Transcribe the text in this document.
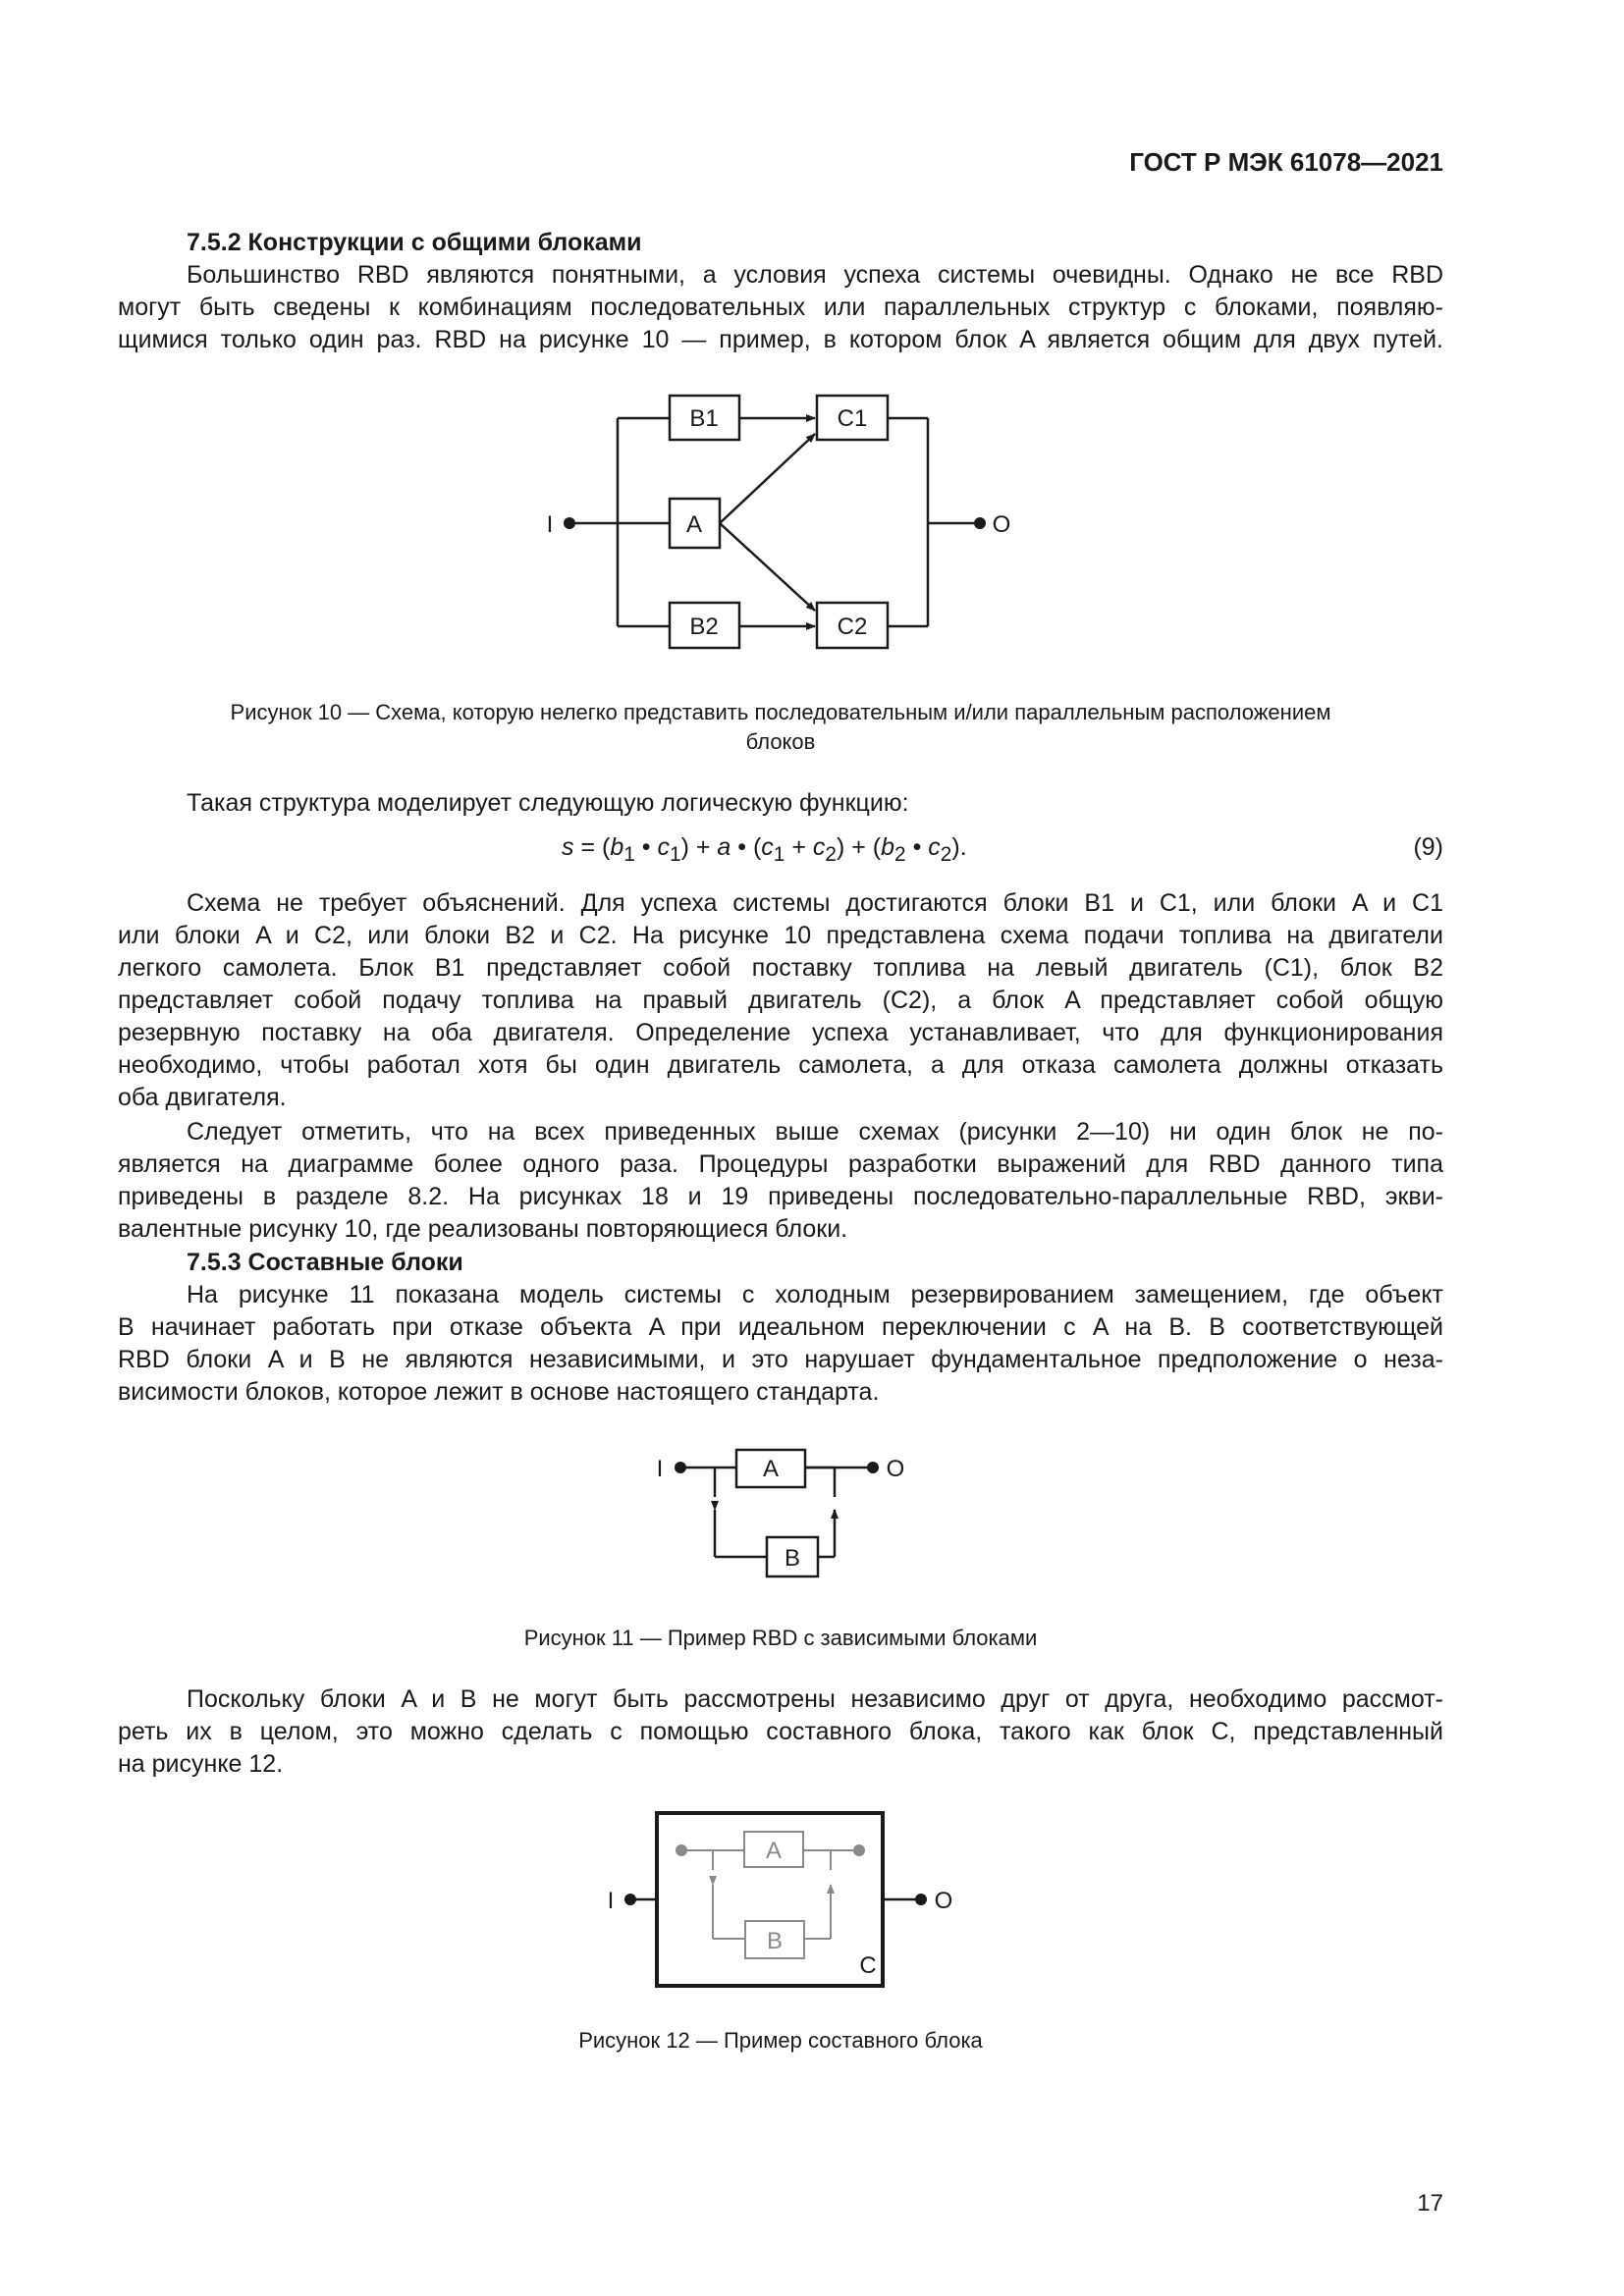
ГОСТ Р МЭК 61078—2021
7.5.2 Конструкции с общими блоками
Большинство RBD являются понятными, а условия успеха системы очевидны. Однако не все RBD
могут быть сведены к комбинациям последовательных или параллельных структур с блоками, появляю-
щимися только один раз. RBD на рисунке 10 — пример, в котором блок A является общим для двух путей.
B1	C1
A
B2	C2
I	O
Рисунок 10 — Схема, которую нелегко представить последовательным и/или параллельным расположением
блоков
Такая структура моделирует следующую логическую функцию:
$s = (b_1$ • $c_1) + a$ • $(c_1 + c_2) + (b_2$ • $c_2$).	(9)
Схема не требует объяснений. Для успеха системы достигаются блоки B1 и C1, или блоки A и C1
или блоки A и C2, или блоки B2 и C2. На рисунке 10 представлена схема подачи топлива на двигатели
легкого самолета. Блок B1 представляет собой поставку топлива на левый двигатель (C1), блок B2
представляет собой подачу топлива на правый двигатель (C2), а блок A представляет собой общую
резервную поставку на оба двигателя. Определение успеха устанавливает, что для функционирования
необходимо, чтобы работал хотя бы один двигатель самолета, а для отказа самолета должны отказать
оба двигателя.
Следует отметить, что на всех приведенных выше схемах (рисунки 2—10) ни один блок не по-
является на диаграмме более одного раза. Процедуры разработки выражений для RBD данного типа
приведены в разделе 8.2. На рисунках 18 и 19 приведены последовательно-параллельные RBD, экви-
валентные рисунку 10, где реализованы повторяющиеся блоки.
7.5.3 Составные блоки
На рисунке 11 показана модель системы с холодным резервированием замещением, где объект
B начинает работать при отказе объекта A при идеальном переключении с A на B. В соответствующей
RBD блоки A и B не являются независимыми, и это нарушает фундаментальное предположение о неза-
висимости блоков, которое лежит в основе настоящего стандарта.
A
B
I	O
Рисунок 11 — Пример RBD с зависимыми блоками
Поскольку блоки A и B не могут быть рассмотрены независимо друг от друга, необходимо рассмот-
реть их в целом, это можно сделать с помощью составного блока, такого как блок C, представленный
на рисунке 12.
A
B
C
I	O
Рисунок 12 — Пример составного блока
17
